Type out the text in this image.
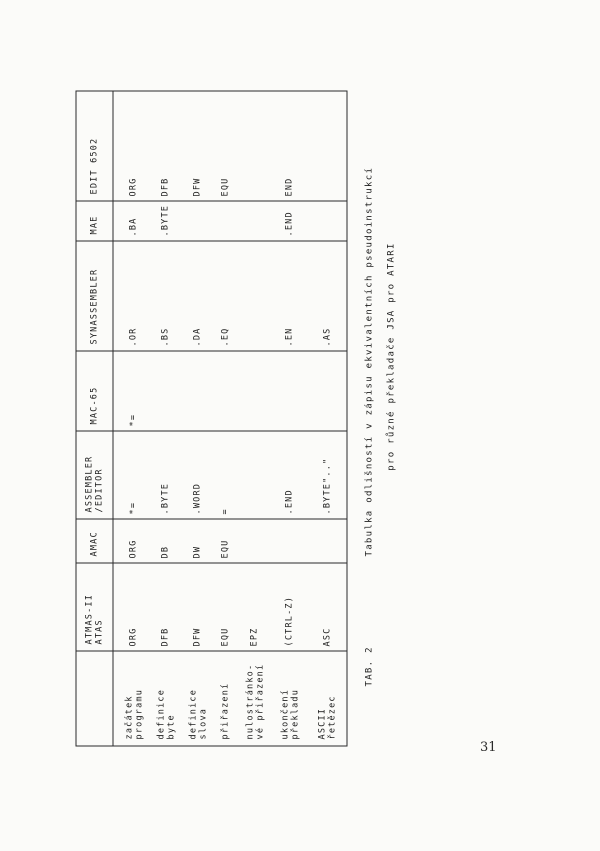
	ATMAS-II
ATAS	AMAC	ASSEMBLER
/EDITOR	MAC-65	SYNASSEMBLER	MAE	EDIT 6502
začátek
programu	ORG	ORG	*=	*=	.OR	.BA	ORG
definice
byte	DFB	DB	.BYTE		.BS	.BYTE	DFB
definice
slova	DFW	DW	.WORD		.DA		DFW
přiřazení	EQU	EQU	=		.EQ		EQU
nulostránko-
vé přiřazení	EPZ						
ukončení
překladu	(CTRL-Z)		.END		.EN	.END	END
ASCII
řetězec	ASC		.BYTE".."		.AS		
TAB. 2Tabulka odlišností v zápisu ekvivalentních pseudoinstrukcí	pro různé překladače JSA pro ATARI
31
